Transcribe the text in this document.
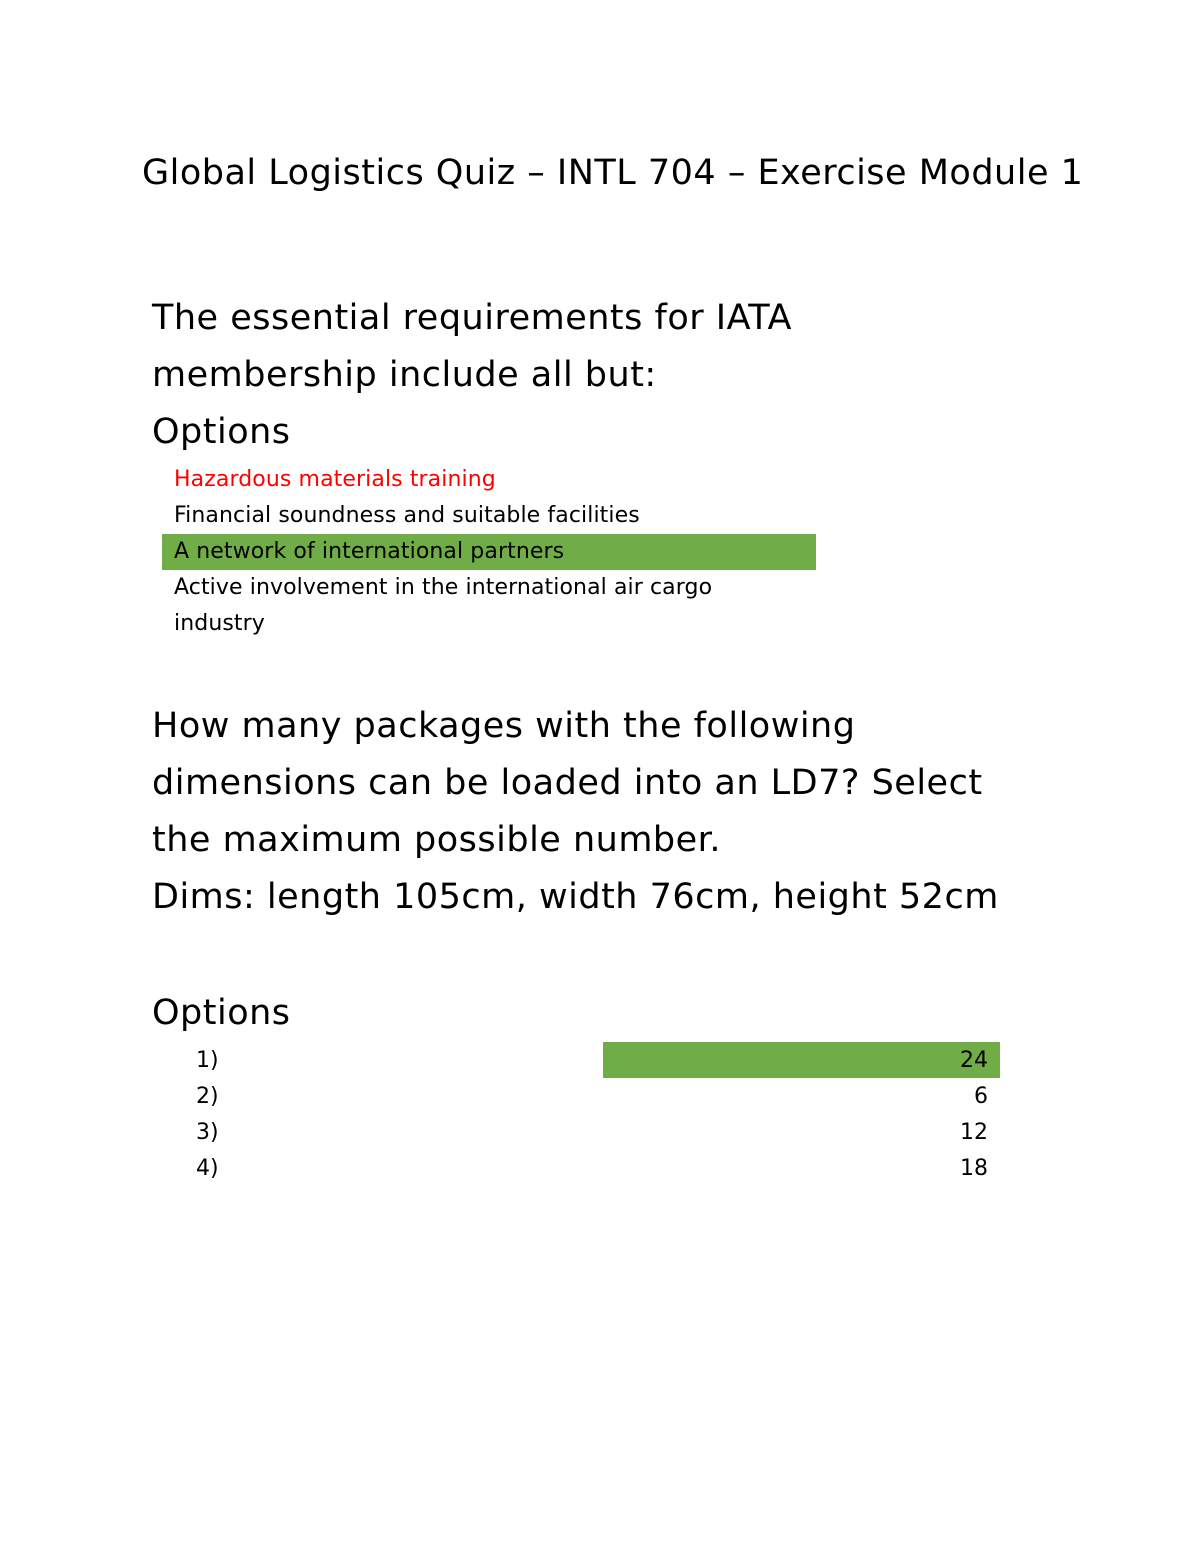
Global Logistics Quiz – INTL 704 – Exercise Module 1
The essential requirements for IATA membership include all but:
Options
Hazardous materials training
Financial soundness and suitable facilities
A network of international partners
Active involvement in the international air cargo industry
How many packages with the following dimensions can be loaded into an LD7? Select the maximum possible number.
Dims: length 105cm, width 76cm, height 52cm
Options
1)	24
2)	6
3)	12
4)	18
